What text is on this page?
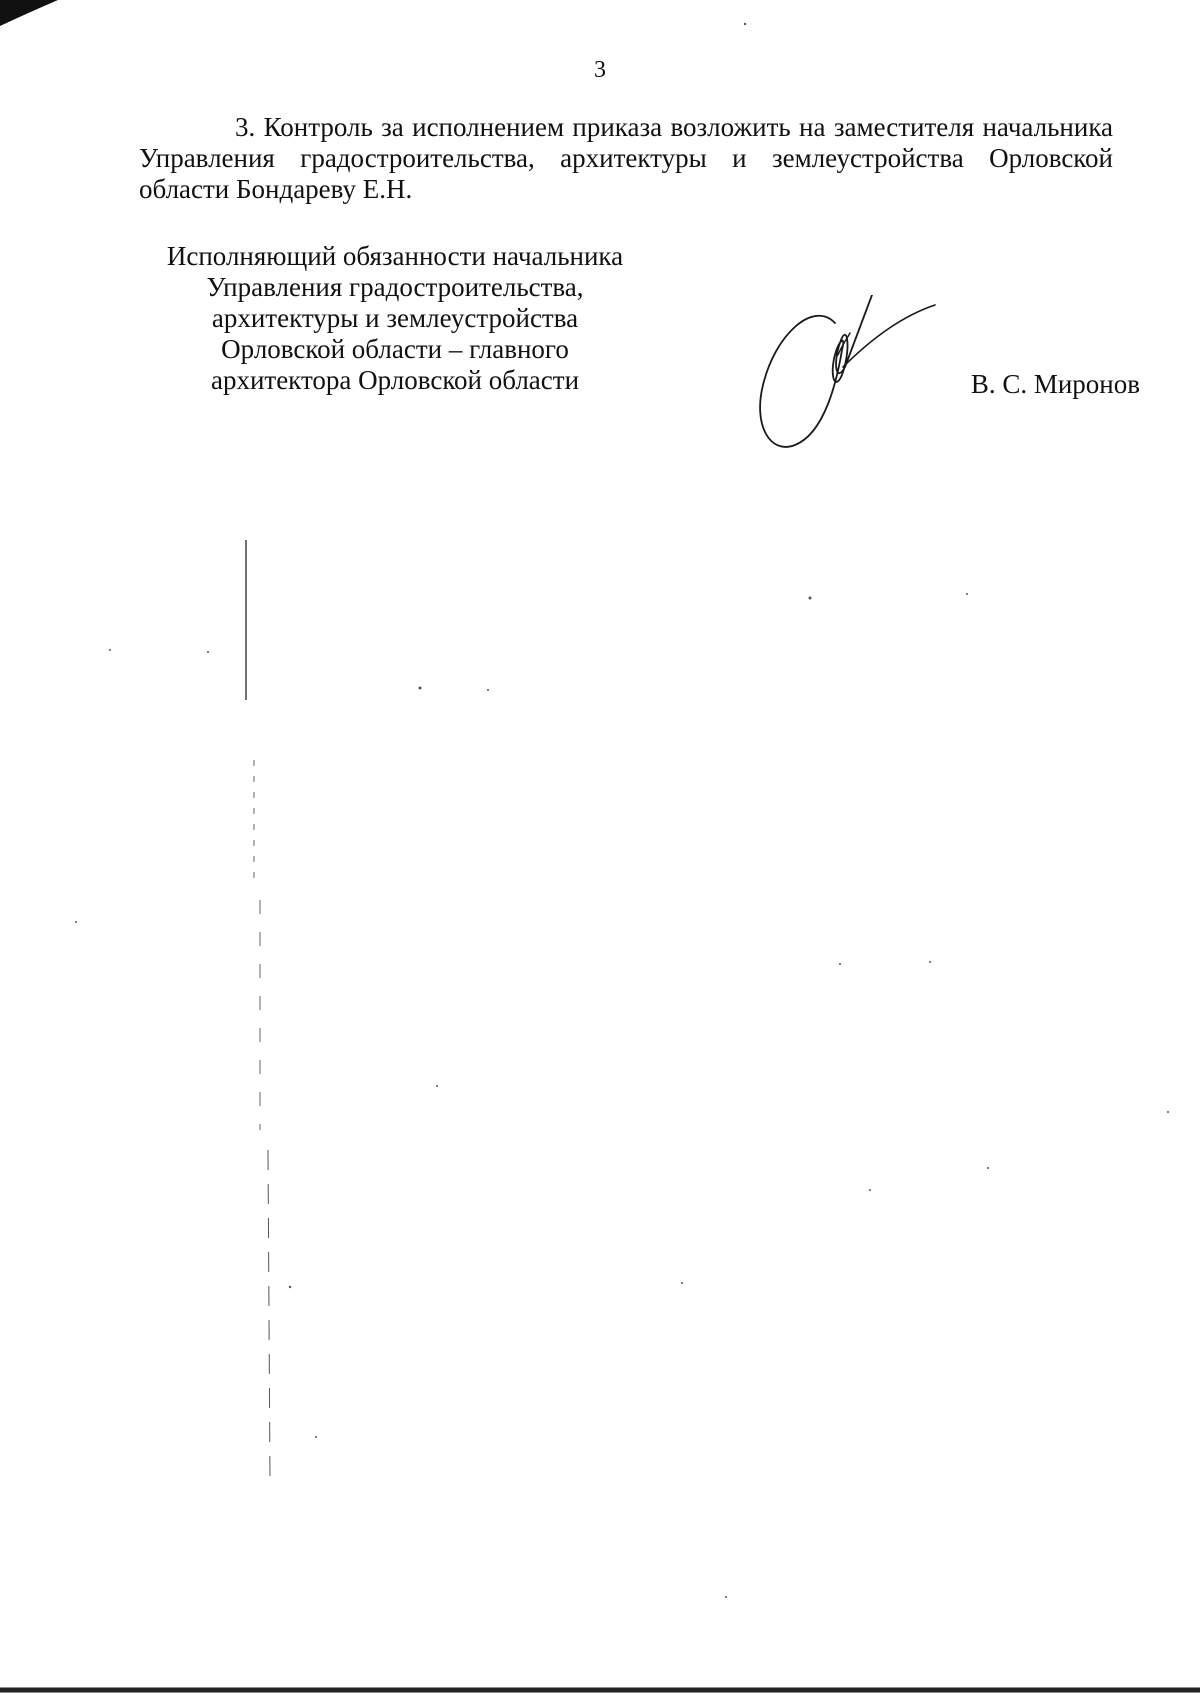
3

3. Контроль за исполнением приказа возложить на заместителя начальника Управления градостроительства, архитектуры и землеустройства Орловской области Бондареву Е.Н.

Исполняющий обязанности начальника
Управления градостроительства,
архитектуры и землеустройства
Орловской области – главного
архитектора Орловской области	В. С. Миронов
